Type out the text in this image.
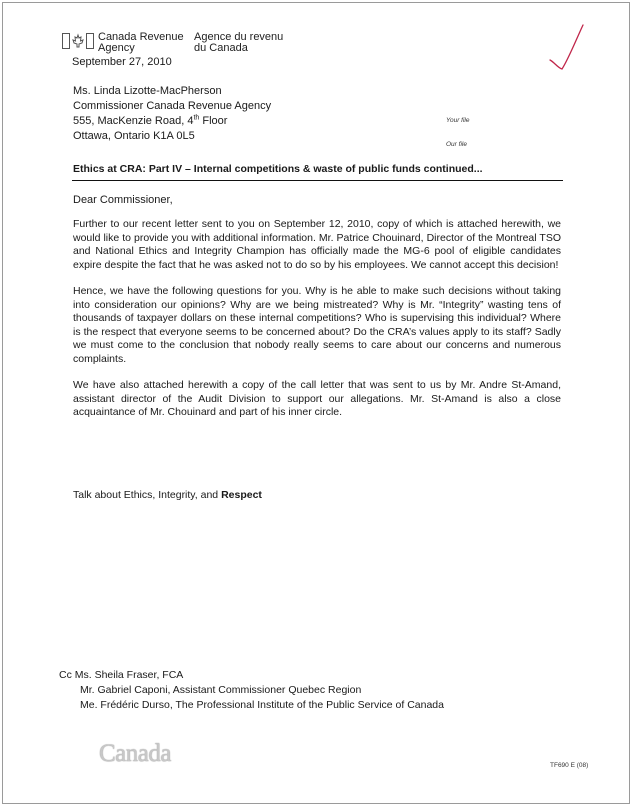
Canada Revenue
Agency
Agence du revenu
du Canada
September 27, 2010
Ms. Linda Lizotte-MacPherson
Commissioner Canada Revenue Agency
555, MacKenzie Road, 4th Floor
Ottawa, Ontario K1A 0L5
Your file
Our file
Ethics at CRA: Part IV – Internal competitions & waste of public funds continued...
Dear Commissioner,
Further to our recent letter sent to you on September 12, 2010, copy of which is attached herewith, we would like to provide you with additional information. Mr. Patrice Chouinard, Director of the Montreal TSO and National Ethics and Integrity Champion has officially made the MG-6 pool of eligible candidates expire despite the fact that he was asked not to do so by his employees. We cannot accept this decision!
Hence, we have the following questions for you. Why is he able to make such decisions without taking into consideration our opinions? Why are we being mistreated? Why is Mr. “Integrity” wasting tens of thousands of taxpayer dollars on these internal competitions? Who is supervising this individual? Where is the respect that everyone seems to be concerned about? Do the CRA’s values apply to its staff? Sadly we must come to the conclusion that nobody really seems to care about our concerns and numerous complaints.
We have also attached herewith a copy of the call letter that was sent to us by Mr. Andre St-Amand, assistant director of the Audit Division to support our allegations. Mr. St-Amand is also a close acquaintance of Mr. Chouinard and part of his inner circle.
Talk about Ethics, Integrity, and Respect
Cc Ms. Sheila Fraser, FCA
Mr. Gabriel Caponi, Assistant Commissioner Quebec Region
Me. Frédéric Durso, The Professional Institute of the Public Service of Canada
Canada	TF690 E (08)
